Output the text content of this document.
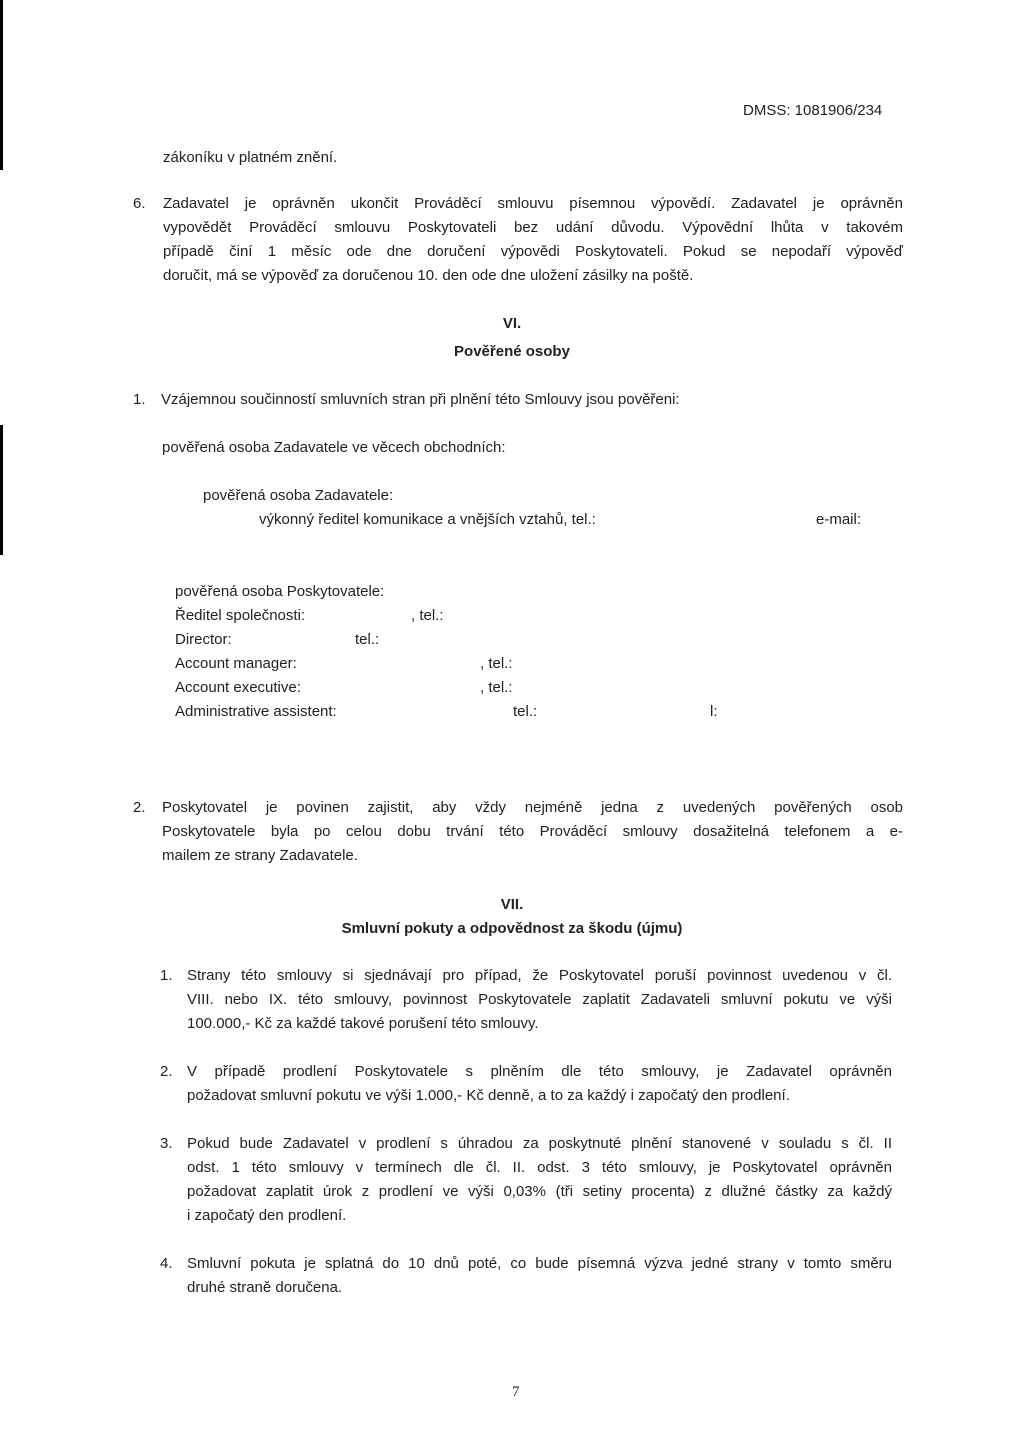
DMSS: 1081906/234
zákoníku v platném znění.
6. Zadavatel je oprávněn ukončit Prováděcí smlouvu písemnou výpovědí. Zadavatel je oprávněn
vypovědět Prováděcí smlouvu Poskytovateli bez udání důvodu. Výpovědní lhůta v takovém
případě činí 1 měsíc ode dne doručení výpovědi Poskytovateli. Pokud se nepodaří výpověď
doručit, má se výpověď za doručenou 10. den ode dne uložení zásilky na poště.
VI.
Pověřené osoby
1. Vzájemnou součinností smluvních stran při plnění této Smlouvy jsou pověřeni:
pověřená osoba Zadavatele ve věcech obchodních:
pověřená osoba Zadavatele:
výkonný ředitel komunikace a vnějších vztahů, tel.:	e-mail:
pověřená osoba Poskytovatele:
Ředitel společnosti:	, tel.:
Director:	tel.:
Account manager:	, tel.:
Account executive:	, tel.:
Administrative assistent:	tel.:	l:
2. Poskytovatel je povinen zajistit, aby vždy nejméně jedna z uvedených pověřených osob
Poskytovatele byla po celou dobu trvání této Prováděcí smlouvy dosažitelná telefonem a e-
mailem ze strany Zadavatele.
VII.
Smluvní pokuty a odpovědnost za škodu (újmu)
1. Strany této smlouvy si sjednávají pro případ, že Poskytovatel poruší povinnost uvedenou v čl.
VIII. nebo IX. této smlouvy, povinnost Poskytovatele zaplatit Zadavateli smluvní pokutu ve výši
100.000,- Kč za každé takové porušení této smlouvy.
2. V případě prodlení Poskytovatele s plněním dle této smlouvy, je Zadavatel oprávněn
požadovat smluvní pokutu ve výši 1.000,- Kč denně, a to za každý i započatý den prodlení.
3. Pokud bude Zadavatel v prodlení s úhradou za poskytnuté plnění stanovené v souladu s čl. II
odst. 1 této smlouvy v termínech dle čl. II. odst. 3 této smlouvy, je Poskytovatel oprávněn
požadovat zaplatit úrok z prodlení ve výši 0,03% (tři setiny procenta) z dlužné částky za každý
i započatý den prodlení.
4. Smluvní pokuta je splatná do 10 dnů poté, co bude písemná výzva jedné strany v tomto směru
druhé straně doručena.
7
